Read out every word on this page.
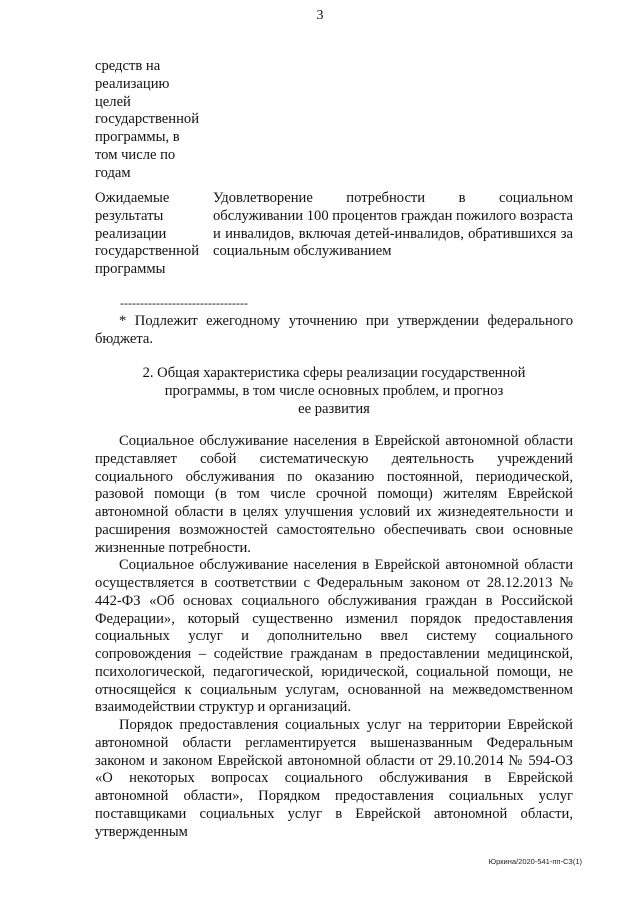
3
средств на
реализацию
целей
государственной
программы, в
том числе по
годам
Ожидаемые
результаты
реализации
государственной
программы
Удовлетворение потребности в социальном обслуживании 100 процентов граждан пожилого возраста и инвалидов, включая детей-инвалидов, обратившихся за социальным обслуживанием
--------------------------------
* Подлежит ежегодному уточнению при утверждении федерального бюджета.
2. Общая характеристика сферы реализации государственной
программы, в том числе основных проблем, и прогноз
ее развития

Социальное обслуживание населения в Еврейской автономной области представляет собой систематическую деятельность учреждений социального обслуживания по оказанию постоянной, периодической, разовой помощи (в том числе срочной помощи) жителям Еврейской автономной области в целях улучшения условий их жизнедеятельности и расширения возможностей самостоятельно обеспечивать свои основные жизненные потребности.

Социальное обслуживание населения в Еврейской автономной области осуществляется в соответствии с Федеральным законом от 28.12.2013 № 442-ФЗ «Об основах социального обслуживания граждан в Российской Федерации», который существенно изменил порядок предоставления социальных услуг и дополнительно ввел систему социального сопровождения – содействие гражданам в предоставлении медицинской, психологической, педагогической, юридической, социальной помощи, не относящейся к социальным услугам, основанной на межведомственном взаимодействии структур и организаций.

Порядок предоставления социальных услуг на территории Еврейской автономной области регламентируется вышеназванным Федеральным законом и законом Еврейской автономной области от 29.10.2014 № 594-ОЗ «О некоторых вопросах социального обслуживания в Еврейской автономной области», Порядком предоставления социальных услуг поставщиками социальных услуг в Еврейской автономной области, утвержденным

Юркина/2020-541-пп-СЗ(1)
